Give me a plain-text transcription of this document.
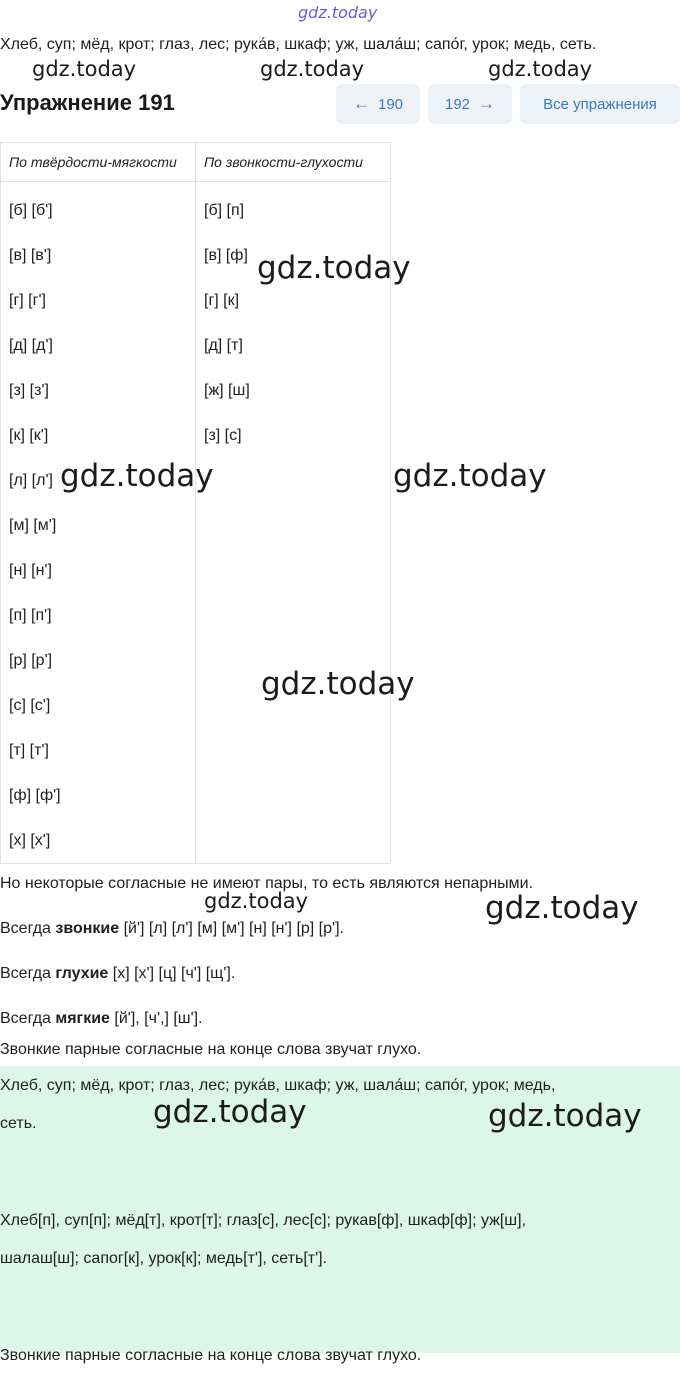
gdz.today
Хлеб, суп; мёд, крот; глаз, лес; рука́в, шкаф; уж, шала́ш; сапо́г, урок; медь, сеть.
gdz.today	gdz.today	gdz.today
Упражнение 191	← 190	192 →	Все упражнения
По твёрдости-мягкости	По звонкости-глухости
[б] [б']	[б] [п]
[в] [в']	[в] [ф]
[г] [г']	[г] [к]
[д] [д']	[д] [т]
[з] [з']	[ж] [ш]
[к] [к']	[з] [с]
[л] [л']	
[м] [м']	
[н] [н']	
[п] [п']	
[р] [р']	
[с] [с']	
[т] [т']	
[ф] [ф']	
[х] [х']	
gdz.today
gdz.today	gdz.today
gdz.today
Но некоторые согласные не имеют пары, то есть являются непарными.
gdz.today
Всегда звонкие [й'] [л] [л'] [м] [м'] [н] [н'] [р] [р'].
gdz.today
Всегда глухие [х] [х'] [ц] [ч'] [щ'].
Всегда мягкие [й'], [ч',] [ш'].
Звонкие парные согласные на конце слова звучат глухо.
Хлеб, суп; мёд, крот; глаз, лес; рука́в, шкаф; уж, шала́ш; сапо́г, урок; медь,
сеть.	gdz.today	gdz.today
Хлеб[п], суп[п]; мёд[т], крот[т]; глаз[с], лес[с]; рукав[ф], шкаф[ф]; уж[ш],
шалаш[ш]; сапог[к], урок[к]; медь[т'], сеть[т'].
Звонкие парные согласные на конце слова звучат глухо.
